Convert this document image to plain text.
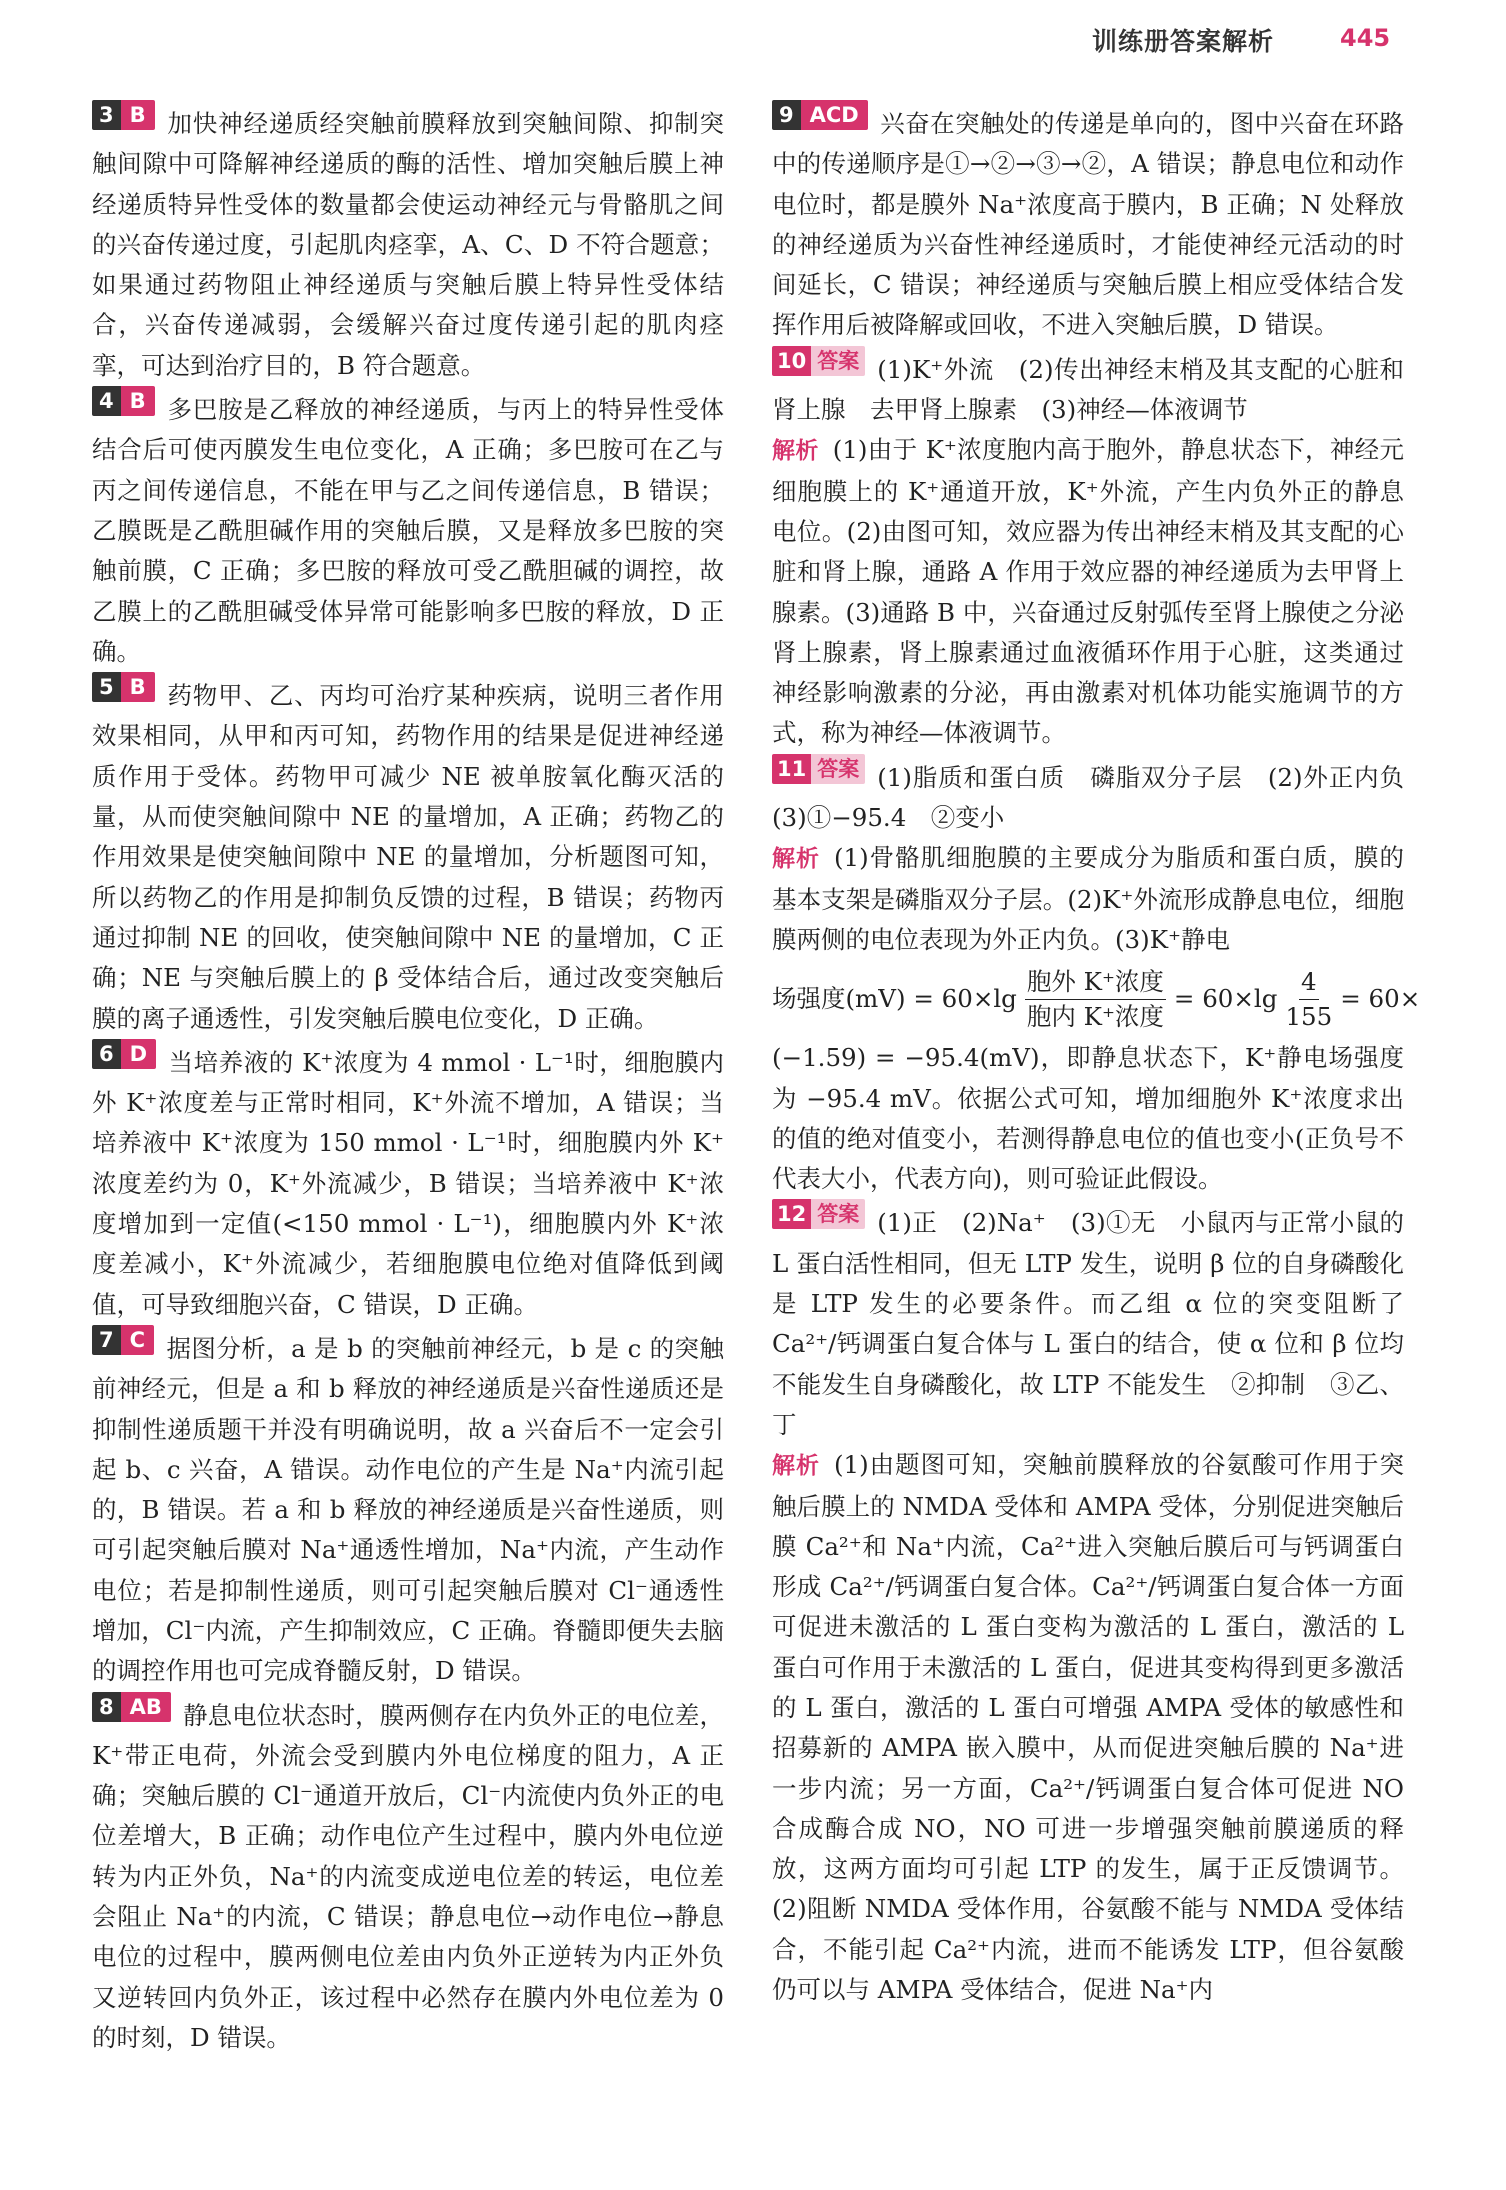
训练册答案解析	445
3 B 加快神经递质经突触前膜释放到突触间隙、抑制突触间隙中可降解神经递质的酶的活性、增加突触后膜上神经递质特异性受体的数量都会使运动神经元与骨骼肌之间的兴奋传递过度，引起肌肉痉挛，A、C、D 不符合题意；如果通过药物阻止神经递质与突触后膜上特异性受体结合，兴奋传递减弱，会缓解兴奋过度传递引起的肌肉痉挛，可达到治疗目的，B 符合题意。
4 B 多巴胺是乙释放的神经递质，与丙上的特异性受体结合后可使丙膜发生电位变化，A 正确；多巴胺可在乙与丙之间传递信息，不能在甲与乙之间传递信息，B 错误；乙膜既是乙酰胆碱作用的突触后膜，又是释放多巴胺的突触前膜，C 正确；多巴胺的释放可受乙酰胆碱的调控，故乙膜上的乙酰胆碱受体异常可能影响多巴胺的释放，D 正确。
5 B 药物甲、乙、丙均可治疗某种疾病，说明三者作用效果相同，从甲和丙可知，药物作用的结果是促进神经递质作用于受体。药物甲可减少 NE 被单胺氧化酶灭活的量，从而使突触间隙中 NE 的量增加，A 正确；药物乙的作用效果是使突触间隙中 NE 的量增加，分析题图可知，所以药物乙的作用是抑制负反馈的过程，B 错误；药物丙通过抑制 NE 的回收，使突触间隙中 NE 的量增加，C 正确；NE 与突触后膜上的 β 受体结合后，通过改变突触后膜的离子通透性，引发突触后膜电位变化，D 正确。
6 D 当培养液的 K⁺浓度为 4 mmol · L⁻¹时，细胞膜内外 K⁺浓度差与正常时相同，K⁺外流不增加，A 错误；当培养液中 K⁺浓度为 150 mmol · L⁻¹时，细胞膜内外 K⁺浓度差约为 0，K⁺外流减少，B 错误；当培养液中 K⁺浓度增加到一定值(<150 mmol · L⁻¹)，细胞膜内外 K⁺浓度差减小，K⁺外流减少，若细胞膜电位绝对值降低到阈值，可导致细胞兴奋，C 错误，D 正确。
7 C 据图分析，a 是 b 的突触前神经元，b 是 c 的突触前神经元，但是 a 和 b 释放的神经递质是兴奋性递质还是抑制性递质题干并没有明确说明，故 a 兴奋后不一定会引起 b、c 兴奋，A 错误。动作电位的产生是 Na⁺内流引起的，B 错误。若 a 和 b 释放的神经递质是兴奋性递质，则可引起突触后膜对 Na⁺通透性增加，Na⁺内流，产生动作电位；若是抑制性递质，则可引起突触后膜对 Cl⁻通透性增加，Cl⁻内流，产生抑制效应，C 正确。脊髓即便失去脑的调控作用也可完成脊髓反射，D 错误。
8 AB 静息电位状态时，膜两侧存在内负外正的电位差，K⁺带正电荷，外流会受到膜内外电位梯度的阻力，A 正确；突触后膜的 Cl⁻通道开放后，Cl⁻内流使内负外正的电位差增大，B 正确；动作电位产生过程中，膜内外电位逆转为内正外负，Na⁺的内流变成逆电位差的转运，电位差会阻止 Na⁺的内流，C 错误；静息电位→动作电位→静息电位的过程中，膜两侧电位差由内负外正逆转为内正外负又逆转回内负外正，该过程中必然存在膜内外电位差为 0 的时刻，D 错误。
9 ACD 兴奋在突触处的传递是单向的，图中兴奋在环路中的传递顺序是①→②→③→②，A 错误；静息电位和动作电位时，都是膜外 Na⁺浓度高于膜内，B 正确；N 处释放的神经递质为兴奋性神经递质时，才能使神经元活动的时间延长，C 错误；神经递质与突触后膜上相应受体结合发挥作用后被降解或回收，不进入突触后膜，D 错误。
10 答案 (1)K⁺外流　(2)传出神经末梢及其支配的心脏和肾上腺　去甲肾上腺素　(3)神经—体液调节
解析 (1)由于 K⁺浓度胞内高于胞外，静息状态下，神经元细胞膜上的 K⁺通道开放，K⁺外流，产生内负外正的静息电位。(2)由图可知，效应器为传出神经末梢及其支配的心脏和肾上腺，通路 A 作用于效应器的神经递质为去甲肾上腺素。(3)通路 B 中，兴奋通过反射弧传至肾上腺使之分泌肾上腺素，肾上腺素通过血液循环作用于心脏，这类通过神经影响激素的分泌，再由激素对机体功能实施调节的方式，称为神经—体液调节。
11 答案 (1)脂质和蛋白质　磷脂双分子层　(2)外正内负　(3)①−95.4　②变小
解析 (1)骨骼肌细胞膜的主要成分为脂质和蛋白质，膜的基本支架是磷脂双分子层。(2)K⁺外流形成静息电位，细胞膜两侧的电位表现为外正内负。(3)K⁺静电
场强度$(mV) = 60\times\lg \frac{\text{胞外 K⁺浓度}}{\text{胞内 K⁺浓度}} = 60\times\lg \frac{4}{155} = 60\times$
(−1.59) = −95.4(mV)，即静息状态下，K⁺静电场强度为 −95.4 mV。依据公式可知，增加细胞外 K⁺浓度求出的值的绝对值变小，若测得静息电位的值也变小(正负号不代表大小，代表方向)，则可验证此假设。
12 答案 (1)正　(2)Na⁺　(3)①无　小鼠丙与正常小鼠的 L 蛋白活性相同，但无 LTP 发生，说明 β 位的自身磷酸化是 LTP 发生的必要条件。而乙组 α 位的突变阻断了 Ca²⁺/钙调蛋白复合体与 L 蛋白的结合，使 α 位和 β 位均不能发生自身磷酸化，故 LTP 不能发生　②抑制　③乙、丁
解析 (1)由题图可知，突触前膜释放的谷氨酸可作用于突触后膜上的 NMDA 受体和 AMPA 受体，分别促进突触后膜 Ca²⁺和 Na⁺内流，Ca²⁺进入突触后膜后可与钙调蛋白形成 Ca²⁺/钙调蛋白复合体。Ca²⁺/钙调蛋白复合体一方面可促进未激活的 L 蛋白变构为激活的 L 蛋白，激活的 L 蛋白可作用于未激活的 L 蛋白，促进其变构得到更多激活的 L 蛋白，激活的 L 蛋白可增强 AMPA 受体的敏感性和招募新的 AMPA 嵌入膜中，从而促进突触后膜的 Na⁺进一步内流；另一方面，Ca²⁺/钙调蛋白复合体可促进 NO 合成酶合成 NO，NO 可进一步增强突触前膜递质的释放，这两方面均可引起 LTP 的发生，属于正反馈调节。(2)阻断 NMDA 受体作用，谷氨酸不能与 NMDA 受体结合，不能引起 Ca²⁺内流，进而不能诱发 LTP，但谷氨酸仍可以与 AMPA 受体结合，促进 Na⁺内
